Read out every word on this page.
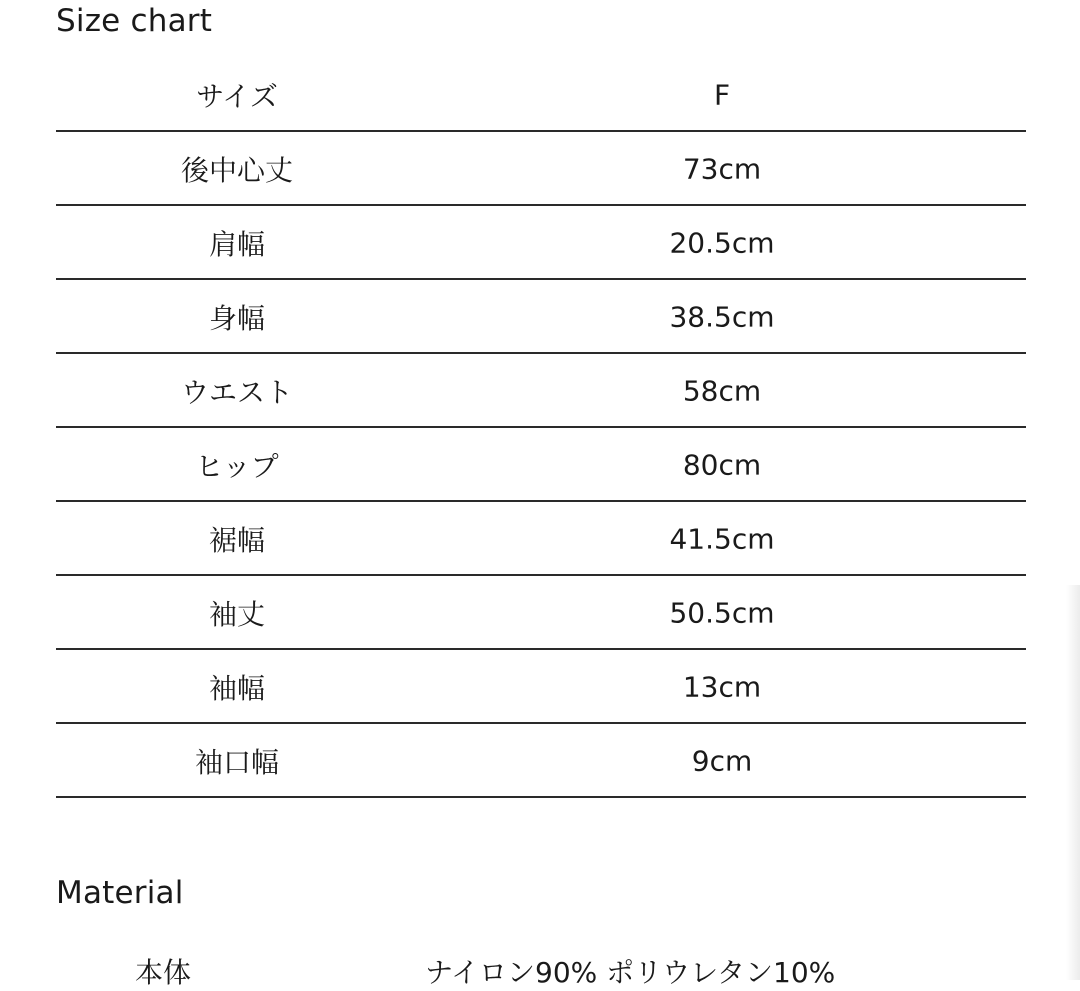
Size chart
サイズ	F
後中心丈	73cm
肩幅	20.5cm
身幅	38.5cm
ウエスト	58cm
ヒップ	80cm
裾幅	41.5cm
袖丈	50.5cm
袖幅	13cm
袖口幅	9cm
Material
本体	ナイロン90% ポリウレタン10%
